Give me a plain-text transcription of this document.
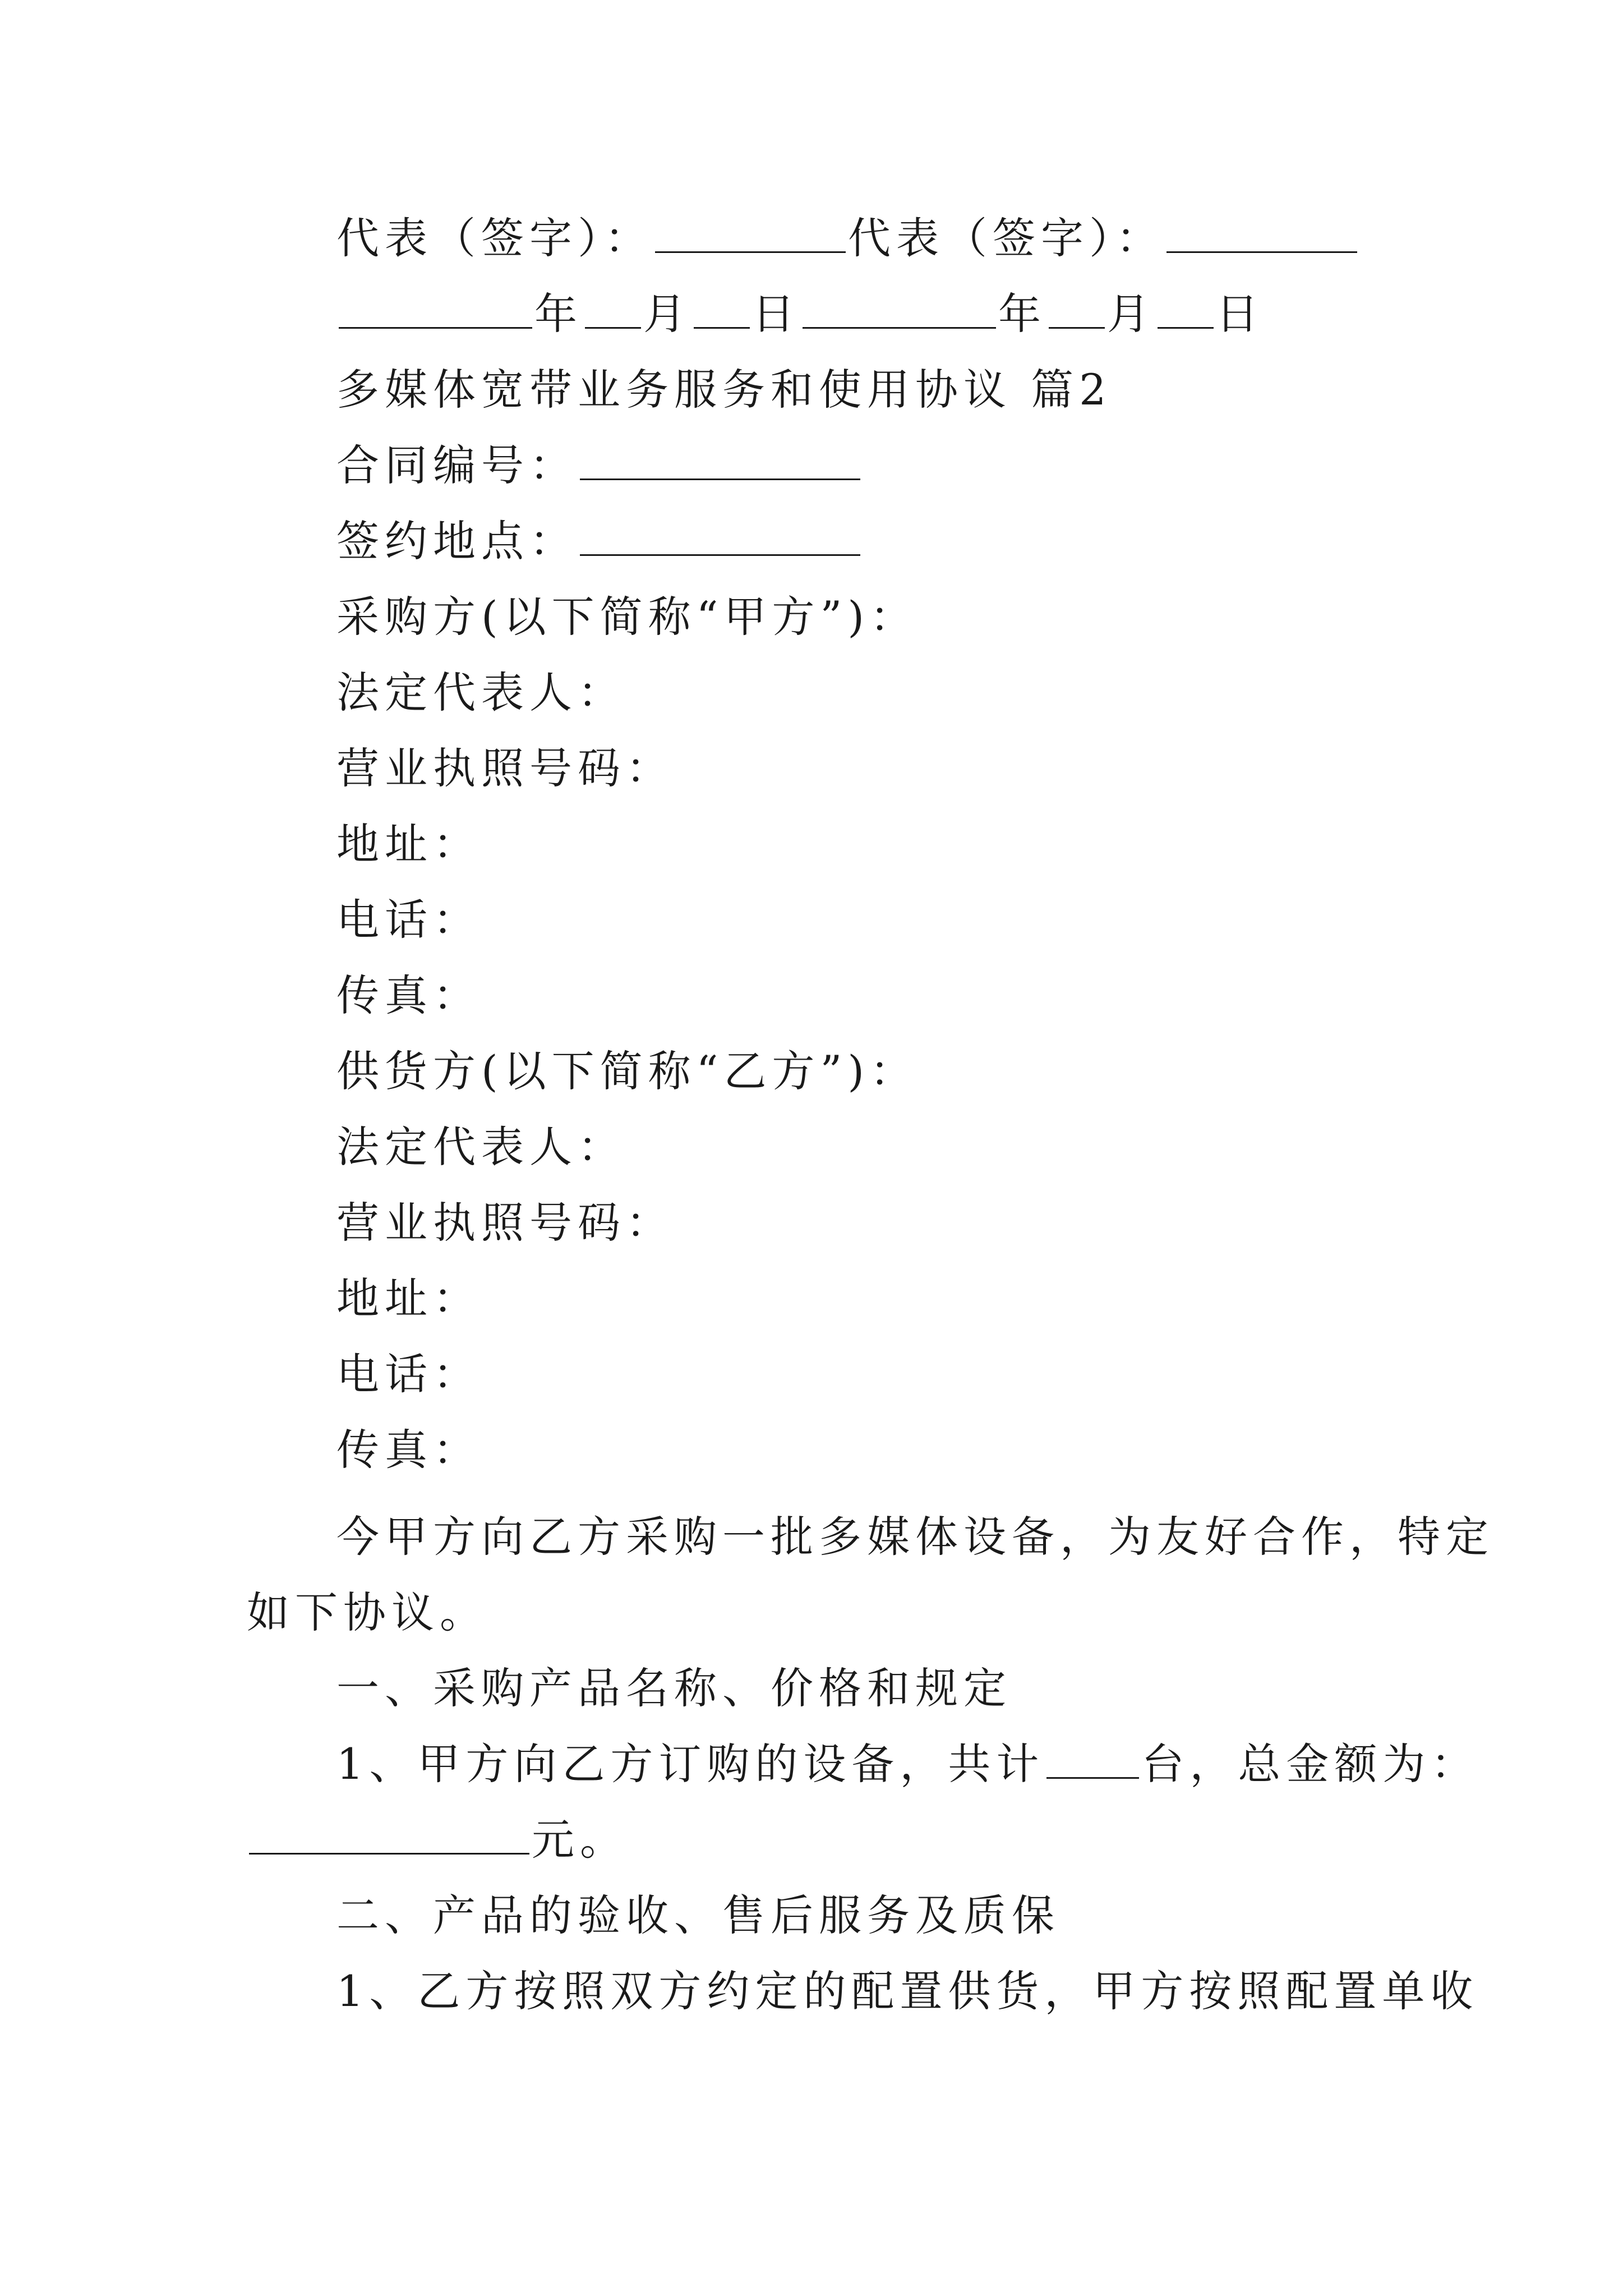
代表（签字）：	代表（签字）：
年 月 日	年 月 日
多媒体宽带业务服务和使用协议 篇2
合同编号：
签约地点：
采购方(以下简称“甲方”)：
法定代表人：
营业执照号码：
地址：
电话：
传真：
供货方(以下简称“乙方”)：
法定代表人：
营业执照号码：
地址：
电话：
传真：
今甲方向乙方采购一批多媒体设备，为友好合作，特定
如下协议。
一、采购产品名称、价格和规定
1、甲方向乙方订购的设备，共计 台，总金额为：
元。
二、产品的验收、售后服务及质保
1、乙方按照双方约定的配置供货，甲方按照配置单收
